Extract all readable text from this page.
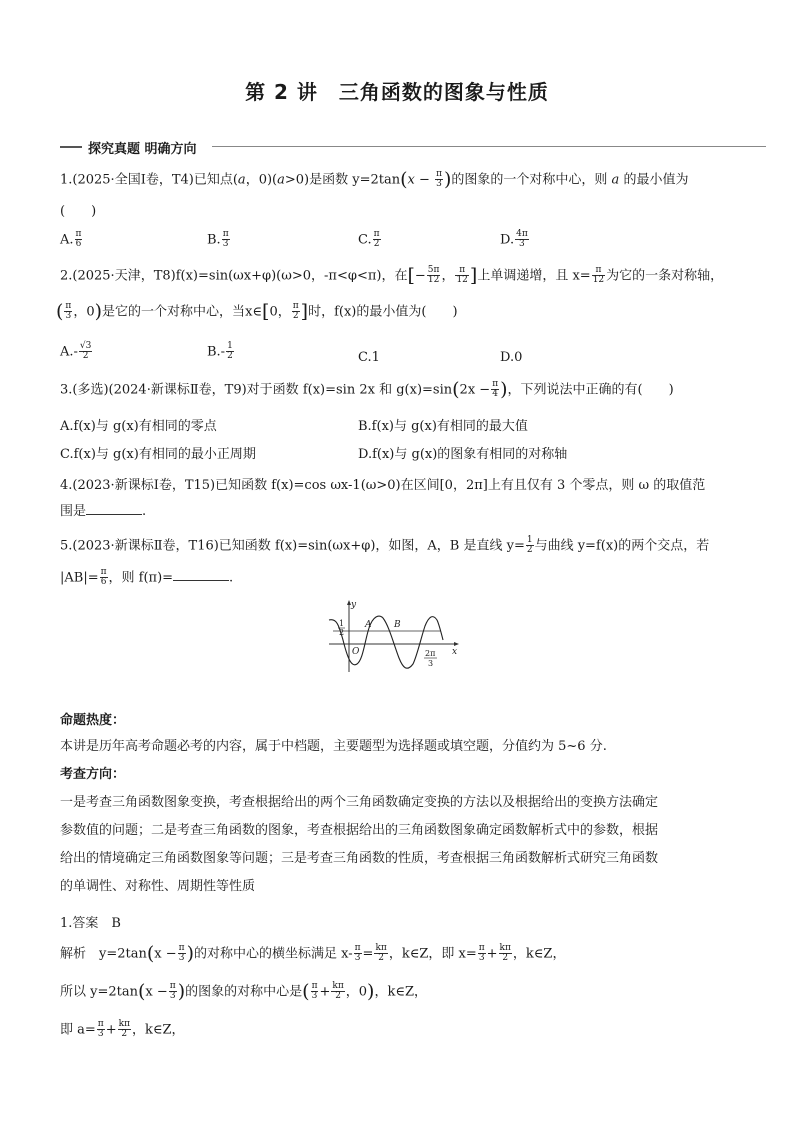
第 2 讲　三角函数的图象与性质
探究真题 明确方向
1.(2025·全国Ⅰ卷，T4)已知点(a，0)(a>0)是函数 $y=2\tan(x - \frac{\pi}{3}$ )的图象的一个对称中心，则 a 的最小值为
(　　)
A. $\frac{\pi}{6}$	B. $\frac{\pi}{3}$	C. $\frac{\pi}{2}$	D. $\frac{4\pi}{3}$
2.(2025·天津，T8)f(x)=sin(ωx+φ)(ω>0，-π<φ<π)，在[− $\frac{5\pi}{12}$ ， $\frac{\pi}{12}$ ]上单调递增，且 $x= \frac{\pi}{12}$ 为它的一条对称轴，
( $\frac{\pi}{3}$ ，0)是它的一个对称中心，当x∈[0， $\frac{\pi}{2}$ ]时，f(x)的最小值为(　　)
$A.- \frac{√3}{2}$	$B.- \frac{1}{2}$	C.1	D.0
3.(多选)(2024·新课标Ⅱ卷，T9)对于函数 f(x)=sin 2x 和 $g(x)=\sin(2x - \frac{\pi}{4}$ )，下列说法中正确的有(　　)
A.f(x)与 g(x)有相同的零点	B.f(x)与 g(x)有相同的最大值
C.f(x)与 g(x)有相同的最小正周期	D.f(x)与 g(x)的图象有相同的对称轴
4.(2023·新课标Ⅰ卷，T15)已知函数 f(x)=cos ωx-1(ω>0)在区间[0，2π]上有且仅有 3 个零点，则 ω 的取值范
围是	.
5.(2023·新课标Ⅱ卷，T16)已知函数 f(x)=sin(ωx+φ)，如图，A，B 是直线 $y= \frac{1}{2}$ 与曲线 y=f(x)的两个交点，若
$|AB|= \frac{\pi}{6}$ ，则 f(π)=	.
y
x
O
A	B
1
2
2π
3
命题热度：
本讲是历年高考命题必考的内容，属于中档题，主要题型为选择题或填空题，分值约为 5~6 分.
考查方向：
一是考查三角函数图象变换，考查根据给出的两个三角函数确定变换的方法以及根据给出的变换方法确定
参数值的问题；二是考查三角函数的图象，考查根据给出的三角函数图象确定函数解析式中的参数，根据
给出的情境确定三角函数图象等问题；三是考查三角函数的性质，考查根据三角函数解析式研究三角函数
的单调性、对称性、周期性等性质
1.答案　B
解析　$y=2\tan(x - \frac{\pi}{3}$ )的对称中心的横坐标满足 $x- \frac{\pi}{3} = \frac{k\pi}{2}$ ，k∈Z，即 $x= \frac{\pi}{3} + \frac{k\pi}{2}$ ，k∈Z，
所以 $y=2\tan(x - \frac{\pi}{3}$ )的图象的对称中心是( $\frac{\pi}{3} + \frac{k\pi}{2}$ ，0)，k∈Z，
即 $a= \frac{\pi}{3} + \frac{k\pi}{2}$ ，k∈Z，
